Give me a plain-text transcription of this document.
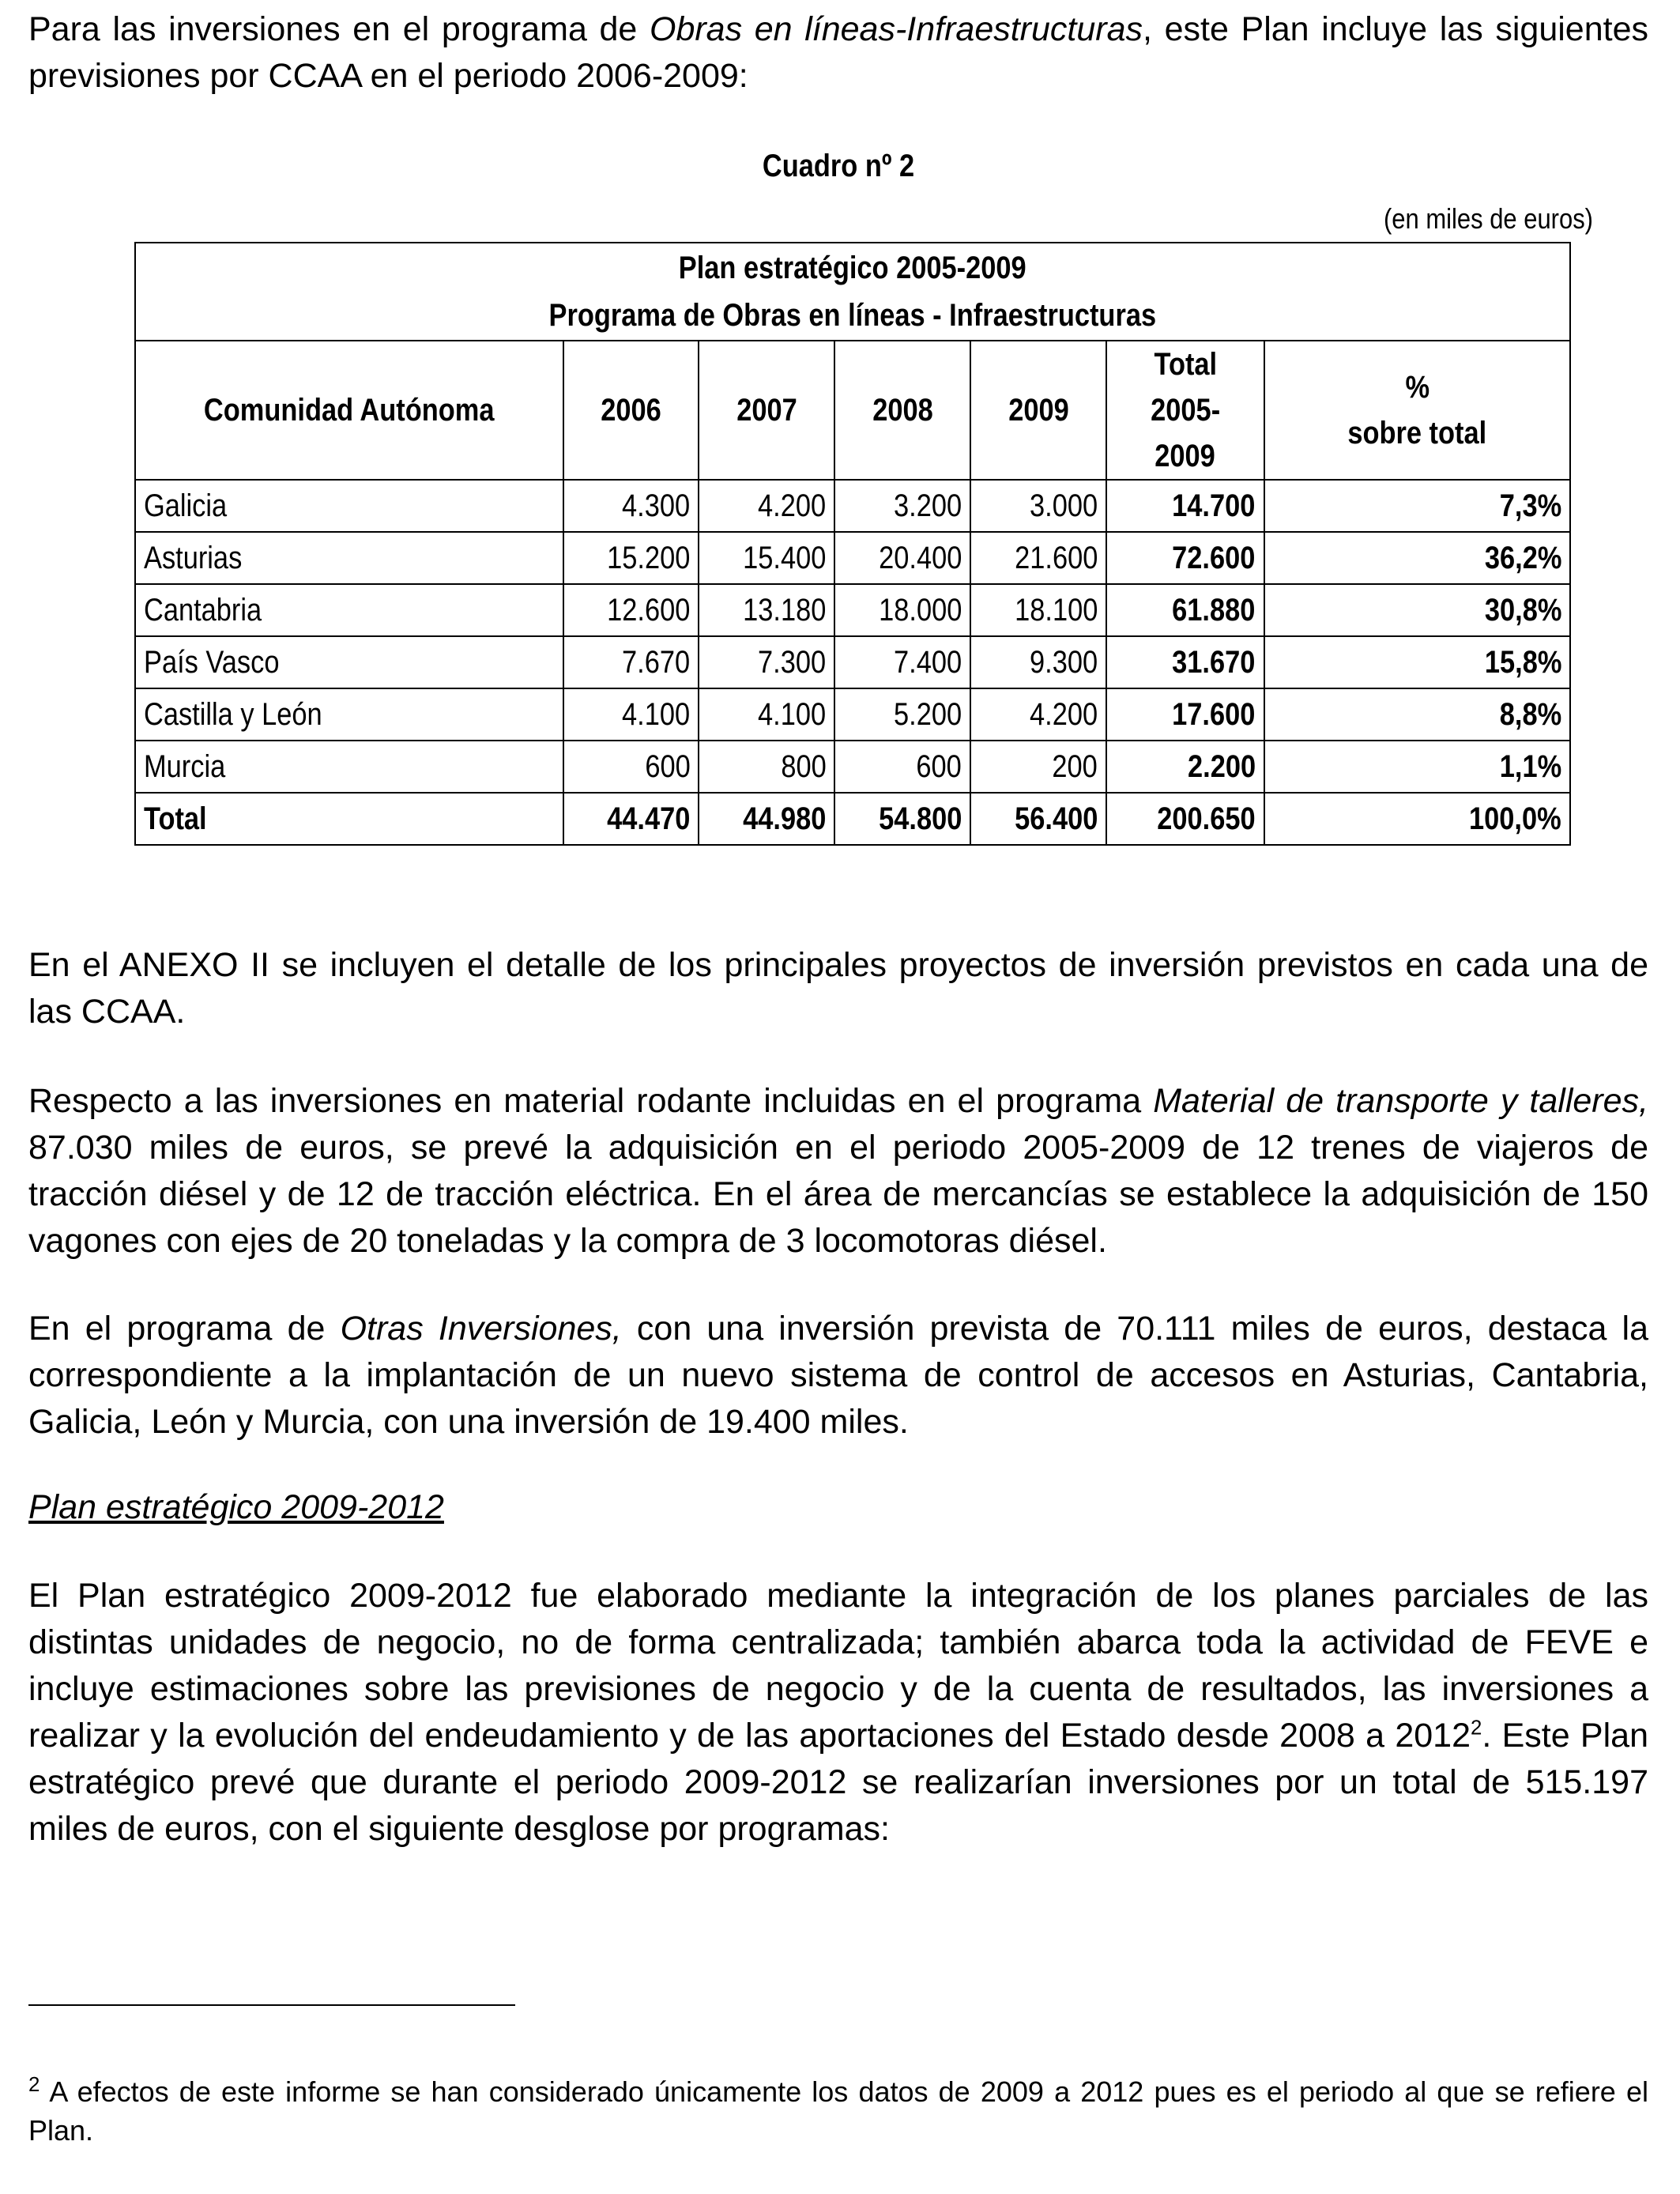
Para las inversiones en el programa de Obras en líneas-Infraestructuras, este Plan incluye las siguientes previsiones por CCAA en el periodo 2006-2009:

Cuadro nº 2
(en miles de euros)
Plan estratégico 2005-2009
Programa de Obras en líneas - Infraestructuras						
Comunidad Autónoma	2006	2007	2008	2009	Total
2005-
2009	%
sobre total
Galicia	4.300	4.200	3.200	3.000	14.700	7,3%
Asturias	15.200	15.400	20.400	21.600	72.600	36,2%
Cantabria	12.600	13.180	18.000	18.100	61.880	30,8%
País Vasco	7.670	7.300	7.400	9.300	31.670	15,8%
Castilla y León	4.100	4.100	5.200	4.200	17.600	8,8%
Murcia	600	800	600	200	2.200	1,1%
Total	44.470	44.980	54.800	56.400	200.650	100,0%

En el ANEXO II se incluyen el detalle de los principales proyectos de inversión previstos en cada una de las CCAA.

Respecto a las inversiones en material rodante incluidas en el programa Material de transporte y talleres, 87.030 miles de euros, se prevé la adquisición en el periodo 2005-2009 de 12 trenes de viajeros de tracción diésel y de 12 de tracción eléctrica. En el área de mercancías se establece la adquisición de 150 vagones con ejes de 20 toneladas y la compra de 3 locomotoras diésel.

En el programa de Otras Inversiones, con una inversión prevista de 70.111 miles de euros, destaca la correspondiente a la implantación de un nuevo sistema de control de accesos en Asturias, Cantabria, Galicia, León y Murcia, con una inversión de 19.400 miles.

Plan estratégico 2009-2012

El Plan estratégico 2009-2012 fue elaborado mediante la integración de los planes parciales de las distintas unidades de negocio, no de forma centralizada; también abarca toda la actividad de FEVE e incluye estimaciones sobre las previsiones de negocio y de la cuenta de resultados, las inversiones a realizar y la evolución del endeudamiento y de las aportaciones del Estado desde 2008 a 2012$^2$. Este Plan estratégico prevé que durante el periodo 2009-2012 se realizarían inversiones por un total de 515.197 miles de euros, con el siguiente desglose por programas:

$^2$ A efectos de este informe se han considerado únicamente los datos de 2009 a 2012 pues es el periodo al que se refiere el Plan.
